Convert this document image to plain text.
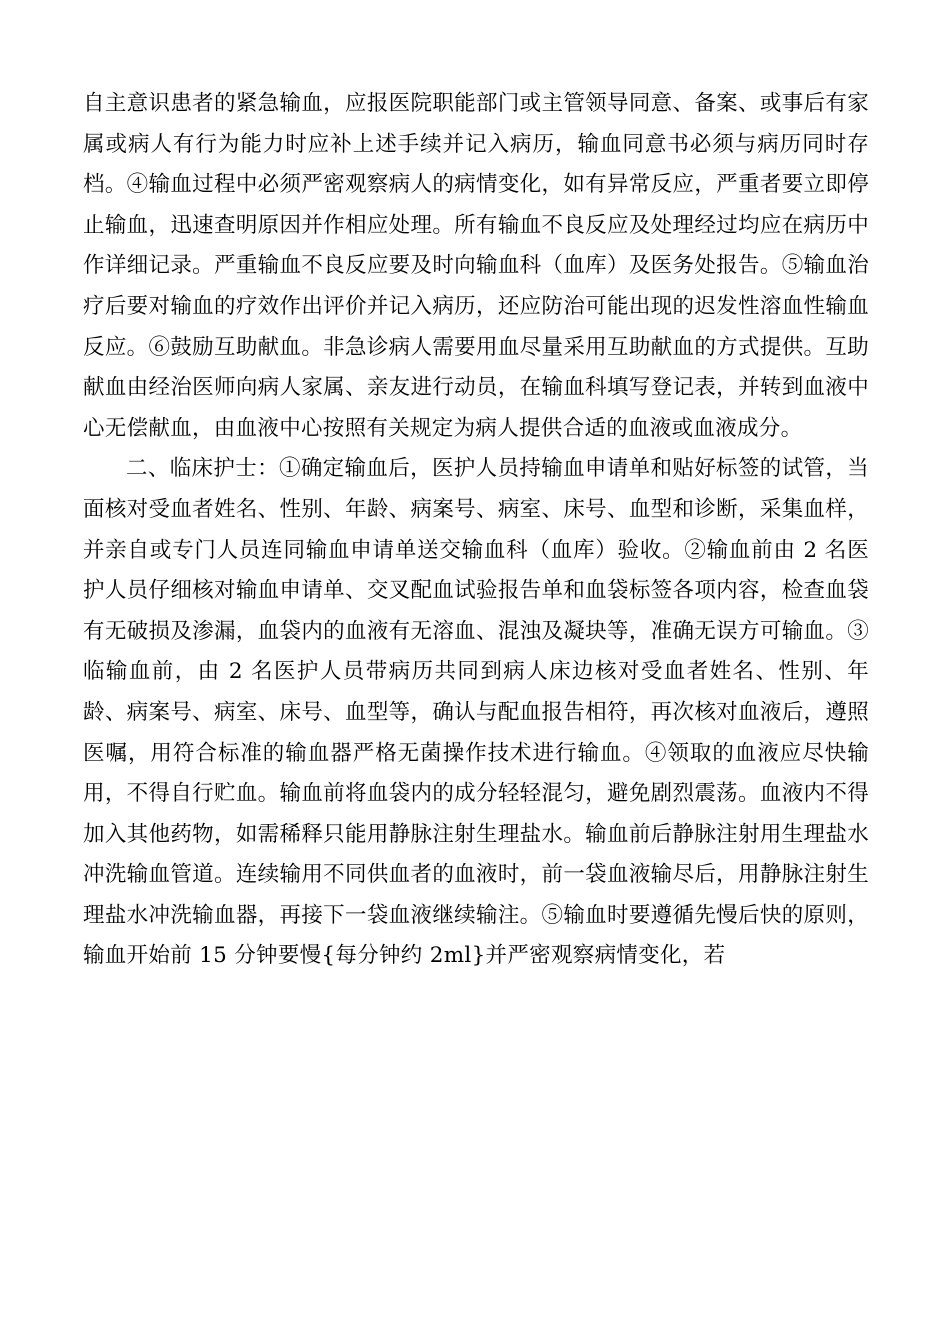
自主意识患者的紧急输血，应报医院职能部门或主管领导同意、备案、或事后有家属或病人有行为能力时应补上述手续并记入病历，输血同意书必须与病历同时存档。④输血过程中必须严密观察病人的病情变化，如有异常反应，严重者要立即停止输血，迅速查明原因并作相应处理。所有输血不良反应及处理经过均应在病历中作详细记录。严重输血不良反应要及时向输血科（血库）及医务处报告。⑤输血治疗后要对输血的疗效作出评价并记入病历，还应防治可能出现的迟发性溶血性输血反应。⑥鼓励互助献血。非急诊病人需要用血尽量采用互助献血的方式提供。互助献血由经治医师向病人家属、亲友进行动员，在输血科填写登记表，并转到血液中心无偿献血，由血液中心按照有关规定为病人提供合适的血液或血液成分。

二、临床护士：①确定输血后，医护人员持输血申请单和贴好标签的试管，当面核对受血者姓名、性别、年龄、病案号、病室、床号、血型和诊断，采集血样，并亲自或专门人员连同输血申请单送交输血科（血库）验收。②输血前由 2 名医护人员仔细核对输血申请单、交叉配血试验报告单和血袋标签各项内容，检查血袋有无破损及渗漏，血袋内的血液有无溶血、混浊及凝块等，准确无误方可输血。③临输血前，由 2 名医护人员带病历共同到病人床边核对受血者姓名、性别、年龄、病案号、病室、床号、血型等，确认与配血报告相符，再次核对血液后，遵照医嘱，用符合标准的输血器严格无菌操作技术进行输血。④领取的血液应尽快输用，不得自行贮血。输血前将血袋内的成分轻轻混匀，避免剧烈震荡。血液内不得加入其他药物，如需稀释只能用静脉注射生理盐水。输血前后静脉注射用生理盐水冲洗输血管道。连续输用不同供血者的血液时，前一袋血液输尽后，用静脉注射生理盐水冲洗输血器，再接下一袋血液继续输注。⑤输血时要遵循先慢后快的原则，输血开始前 15 分钟要慢{每分钟约 2ml}并严密观察病情变化，若
